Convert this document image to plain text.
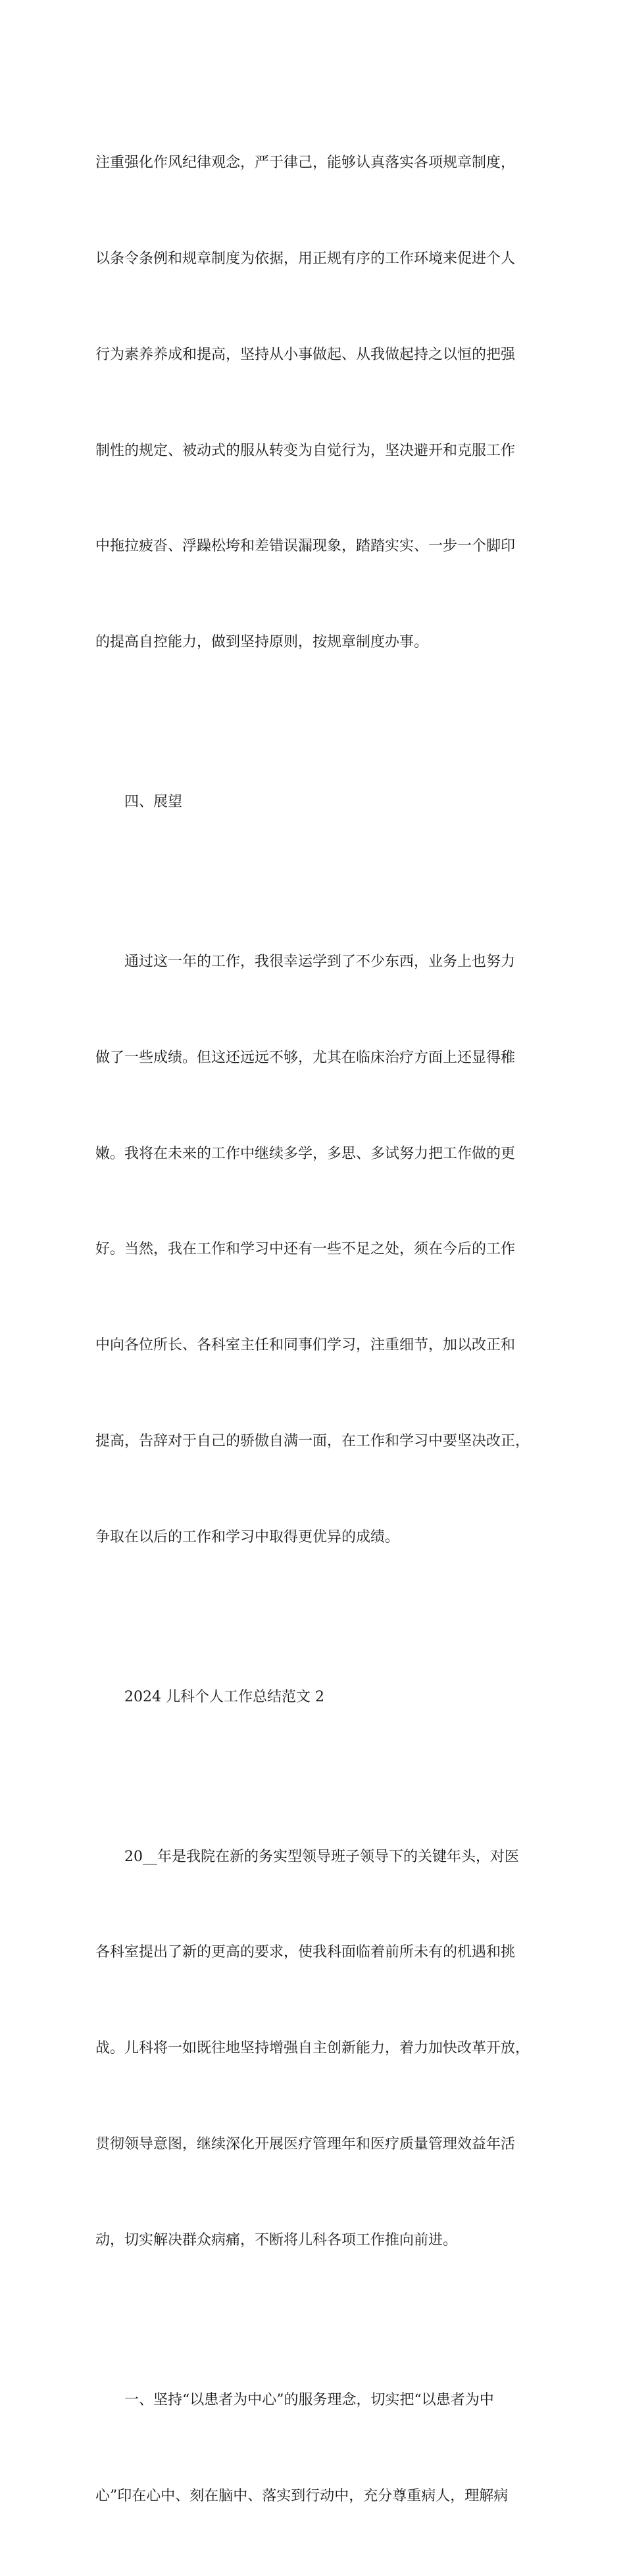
注重强化作风纪律观念，严于律己，能够认真落实各项规章制度，

以条令条例和规章制度为依据，用正规有序的工作环境来促进个人

行为素养养成和提高，坚持从小事做起、从我做起持之以恒的把强

制性的规定、被动式的服从转变为自觉行为，坚决避开和克服工作

中拖拉疲沓、浮躁松垮和差错误漏现象，踏踏实实、一步一个脚印

的提高自控能力，做到坚持原则，按规章制度办事。

四、展望

通过这一年的工作，我很幸运学到了不少东西，业务上也努力

做了一些成绩。但这还远远不够，尤其在临床治疗方面上还显得稚

嫩。我将在未来的工作中继续多学，多思、多试努力把工作做的更

好。当然，我在工作和学习中还有一些不足之处，须在今后的工作

中向各位所长、各科室主任和同事们学习，注重细节，加以改正和

提高，告辞对于自己的骄傲自满一面，在工作和学习中要坚决改正，

争取在以后的工作和学习中取得更优异的成绩。

2024 儿科个人工作总结范文 2

20__年是我院在新的务实型领导班子领导下的关键年头，对医

各科室提出了新的更高的要求，使我科面临着前所未有的机遇和挑

战。儿科将一如既往地坚持增强自主创新能力，着力加快改革开放，

贯彻领导意图，继续深化开展医疗管理年和医疗质量管理效益年活

动，切实解决群众病痛，不断将儿科各项工作推向前进。

一、坚持“以患者为中心”的服务理念，切实把“以患者为中

心”印在心中、刻在脑中、落实到行动中，充分尊重病人，理解病
